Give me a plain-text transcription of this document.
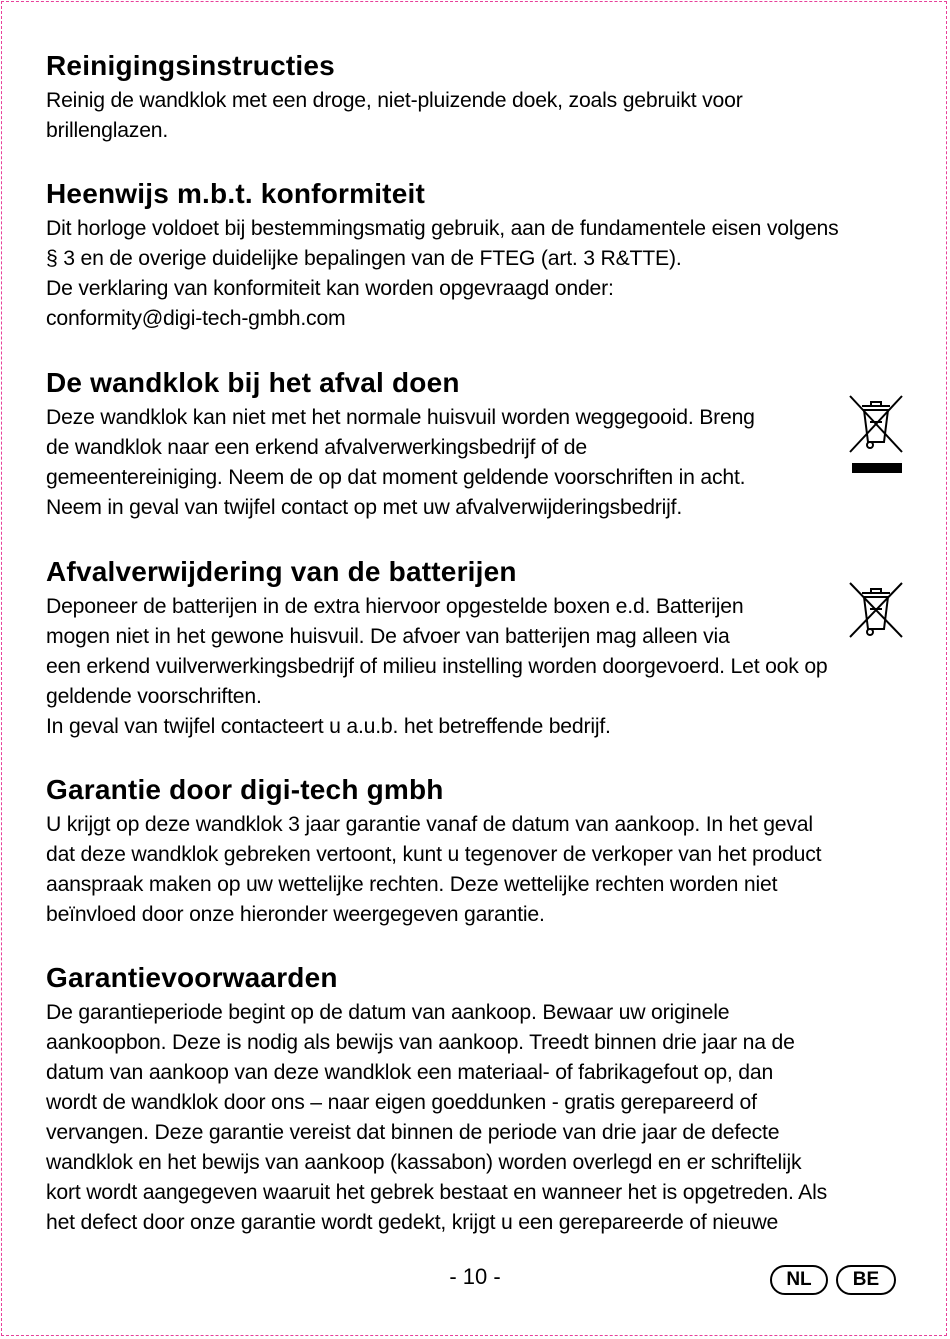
Reinigingsinstructies

Reinig de wandklok met een droge, niet-pluizende doek, zoals gebruikt voor
brillenglazen.

Heenwijs m.b.t. konformiteit

Dit horloge voldoet bij bestemmingsmatig gebruik, aan de fundamentele eisen volgens
§ 3 en de overige duidelijke bepalingen van de FTEG (art. 3 R&TTE).
De verklaring van konformiteit kan worden opgevraagd onder:
conformity@digi-tech-gmbh.com

De wandklok bij het afval doen

Deze wandklok kan niet met het normale huisvuil worden weggegooid. Breng
de wandklok naar een erkend afvalverwerkingsbedrijf of de
gemeentereiniging. Neem de op dat moment geldende voorschriften in acht.
Neem in geval van twijfel contact op met uw afvalverwijderingsbedrijf.

Afvalverwijdering van de batterijen

Deponeer de batterijen in de extra hiervoor opgestelde boxen e.d. Batterijen
mogen niet in het gewone huisvuil. De afvoer van batterijen mag alleen via
een erkend vuilverwerkingsbedrijf of milieu instelling worden doorgevoerd. Let ook op
geldende voorschriften.
In geval van twijfel contacteert u a.u.b. het betreffende bedrijf.

Garantie door digi-tech gmbh

U krijgt op deze wandklok 3 jaar garantie vanaf de datum van aankoop. In het geval
dat deze wandklok gebreken vertoont, kunt u tegenover de verkoper van het product
aanspraak maken op uw wettelijke rechten. Deze wettelijke rechten worden niet
beïnvloed door onze hieronder weergegeven garantie.

Garantievoorwaarden

De garantieperiode begint op de datum van aankoop. Bewaar uw originele
aankoopbon. Deze is nodig als bewijs van aankoop. Treedt binnen drie jaar na de
datum van aankoop van deze wandklok een materiaal- of fabrikagefout op, dan
wordt de wandklok door ons – naar eigen goeddunken - gratis gerepareerd of
vervangen. Deze garantie vereist dat binnen de periode van drie jaar de defecte
wandklok en het bewijs van aankoop (kassabon) worden overlegd en er schriftelijk
kort wordt aangegeven waaruit het gebrek bestaat en wanneer het is opgetreden. Als
het defect door onze garantie wordt gedekt, krijgt u een gerepareerde of nieuwe

- 10 -	NL	BE
